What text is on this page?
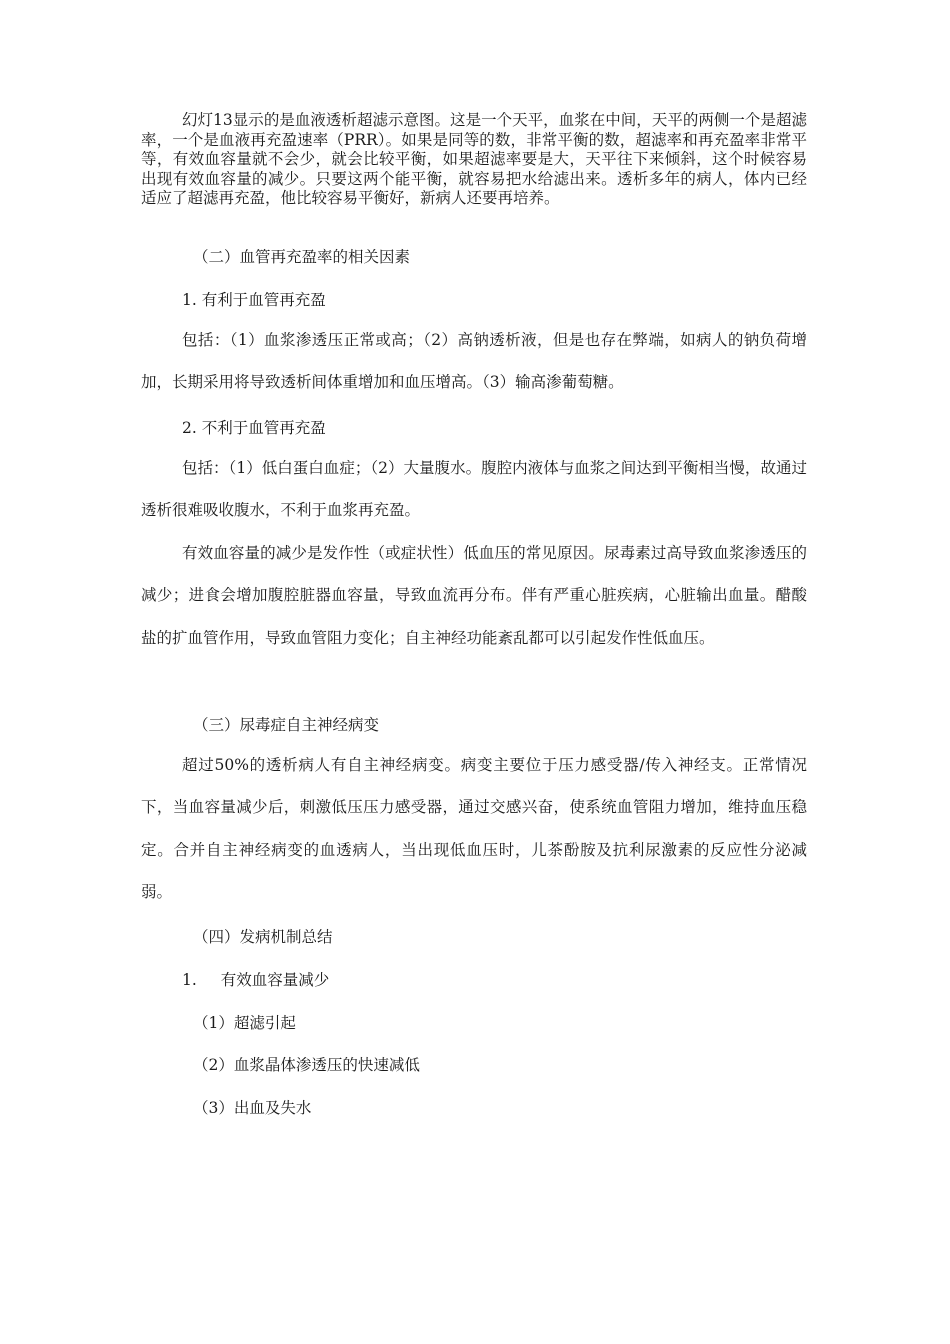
幻灯13显示的是血液透析超滤示意图。这是一个天平，血浆在中间，天平的两侧一个是超滤率，一个是血液再充盈速率（PRR）。如果是同等的数，非常平衡的数，超滤率和再充盈率非常平等，有效血容量就不会少，就会比较平衡，如果超滤率要是大，天平往下来倾斜，这个时候容易出现有效血容量的减少。只要这两个能平衡，就容易把水给滤出来。透析多年的病人，体内已经适应了超滤再充盈，他比较容易平衡好，新病人还要再培养。

（二）血管再充盈率的相关因素
1. 有利于血管再充盈

包括：（1）血浆渗透压正常或高；（2）高钠透析液，但是也存在弊端，如病人的钠负荷增加，长期采用将导致透析间体重增加和血压增高。（3）输高渗葡萄糖。

2. 不利于血管再充盈

包括：（1）低白蛋白血症；（2）大量腹水。腹腔内液体与血浆之间达到平衡相当慢，故通过透析很难吸收腹水，不利于血浆再充盈。

有效血容量的减少是发作性（或症状性）低血压的常见原因。尿毒素过高导致血浆渗透压的减少；进食会增加腹腔脏器血容量，导致血流再分布。伴有严重心脏疾病，心脏输出血量。醋酸盐的扩血管作用，导致血管阻力变化；自主神经功能紊乱都可以引起发作性低血压。

（三）尿毒症自主神经病变

超过50%的透析病人有自主神经病变。病变主要位于压力感受器/传入神经支。正常情况下，当血容量减少后，刺激低压压力感受器，通过交感兴奋，使系统血管阻力增加，维持血压稳定。合并自主神经病变的血透病人，当出现低血压时，儿茶酚胺及抗利尿激素的反应性分泌减弱。

（四）发病机制总结
1. 有效血容量减少
（1）超滤引起
（2）血浆晶体渗透压的快速减低
（3）出血及失水
